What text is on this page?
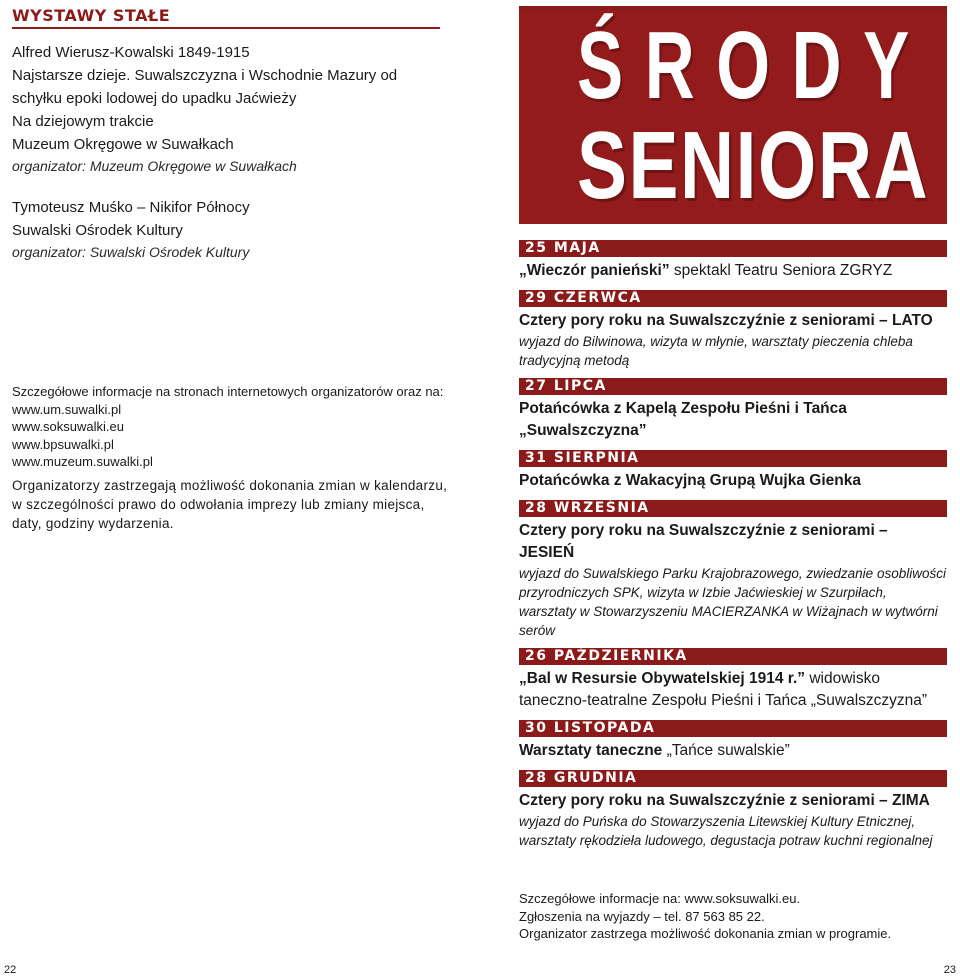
WYSTAWY STAŁE
Alfred Wierusz-Kowalski 1849-1915
Najstarsze dzieje. Suwalszczyzna i Wschodnie Mazury od
schyłku epoki lodowej do upadku Jaćwieży
Na dziejowym trakcie
Muzeum Okręgowe w Suwałkach
organizator: Muzeum Okręgowe w Suwałkach
Tymoteusz Muśko – Nikifor Północy
Suwalski Ośrodek Kultury
organizator: Suwalski Ośrodek Kultury
Szczegółowe informacje na stronach internetowych organizatorów oraz na:
www.um.suwalki.pl
www.soksuwalki.eu
www.bpsuwalki.pl
www.muzeum.suwalki.pl
Organizatorzy zastrzegają możliwość dokonania zmian w kalendarzu, w szczególności prawo do odwołania imprezy lub zmiany miejsca, daty, godziny wydarzenia.
ŚRODY
SENIORA
25 MAJA
„Wieczór panieński” spektakl Teatru Seniora ZGRYZ
29 CZERWCA
Cztery pory roku na Suwalszczyźnie z seniorami – LATO
wyjazd do Bilwinowa, wizyta w młynie, warsztaty pieczenia chleba tradycyjną metodą
27 LIPCA
Potańcówka z Kapelą Zespołu Pieśni i Tańca „Suwalszczyzna”
31 SIERPNIA
Potańcówka z Wakacyjną Grupą Wujka Gienka
28 WRZEŚNIA
Cztery pory roku na Suwalszczyźnie z seniorami – JESIEŃ
wyjazd do Suwalskiego Parku Krajobrazowego, zwiedzanie osobliwości przyrodniczych SPK, wizyta w Izbie Jaćwieskiej w Szurpiłach, warsztaty w Stowarzyszeniu MACIERZANKA w Wiżajnach w wytwórni serów
26 PAŹDZIERNIKA
„Bal w Resursie Obywatelskiej 1914 r.” widowisko taneczno-teatralne Zespołu Pieśni i Tańca „Suwalszczyzna”
30 LISTOPADA
Warsztaty taneczne „Tańce suwalskie”
28 GRUDNIA
Cztery pory roku na Suwalszczyźnie z seniorami – ZIMA
wyjazd do Puńska do Stowarzyszenia Litewskiej Kultury Etnicznej, warsztaty rękodzieła ludowego, degustacja potraw kuchni regionalnej
Szczegółowe informacje na: www.soksuwalki.eu.
Zgłoszenia na wyjazdy – tel. 87 563 85 22.
Organizator zastrzega możliwość dokonania zmian w programie.
22	23
